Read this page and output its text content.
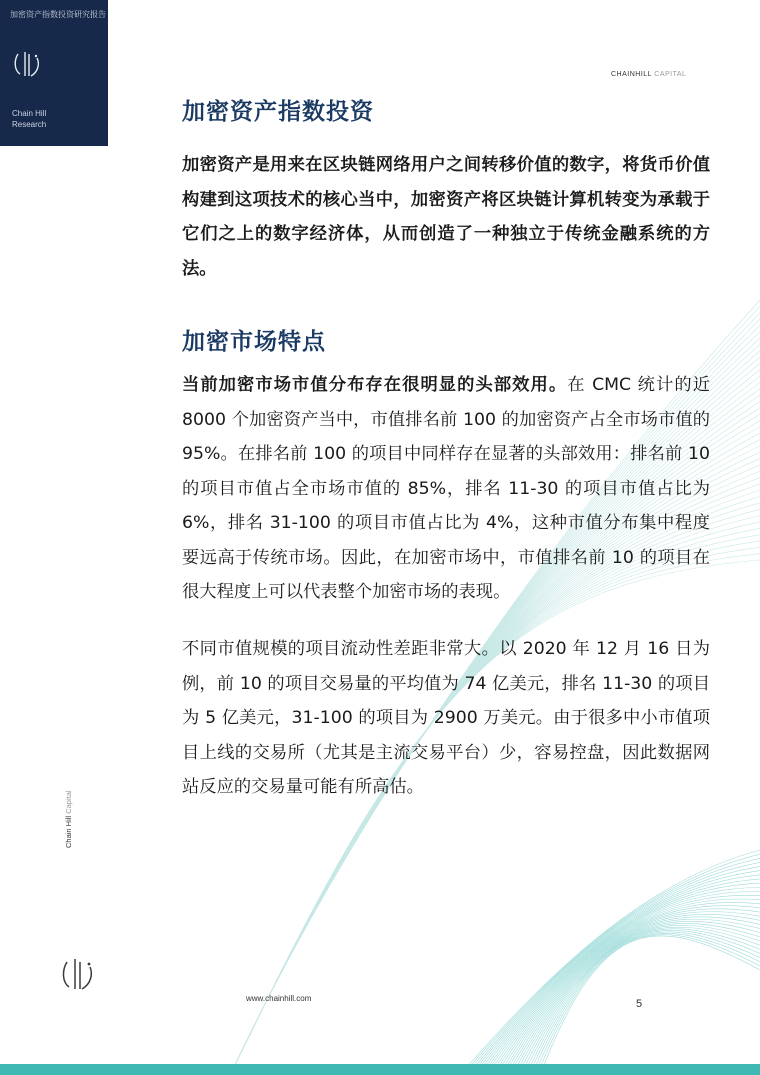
加密资产指数投资研究报告
Chain Hill
Research
CHAINHILL CAPITAL
加密资产指数投资
加密资产是用来在区块链网络用户之间转移价值的数字，将货币价值构建到这项技术的核心当中，加密资产将区块链计算机转变为承载于它们之上的数字经济体，从而创造了一种独立于传统金融系统的方法。
加密市场特点
当前加密市场市值分布存在很明显的头部效用。在 CMC 统计的近 8000 个加密资产当中，市值排名前 100 的加密资产占全市场市值的 95%。在排名前 100 的项目中同样存在显著的头部效用：排名前 10 的项目市值占全市场市值的 85%，排名 11-30 的项目市值占比为 6%，排名 31-100 的项目市值占比为 4%，这种市值分布集中程度要远高于传统市场。因此，在加密市场中，市值排名前 10 的项目在很大程度上可以代表整个加密市场的表现。
不同市值规模的项目流动性差距非常大。以 2020 年 12 月 16 日为例，前 10 的项目交易量的平均值为 74 亿美元，排名 11-30 的项目为 5 亿美元，31-100 的项目为 2900 万美元。由于很多中小市值项目上线的交易所（尤其是主流交易平台）少，容易控盘，因此数据网站反应的交易量可能有所高估。
Chain Hill Capital
www.chainhill.com	5
